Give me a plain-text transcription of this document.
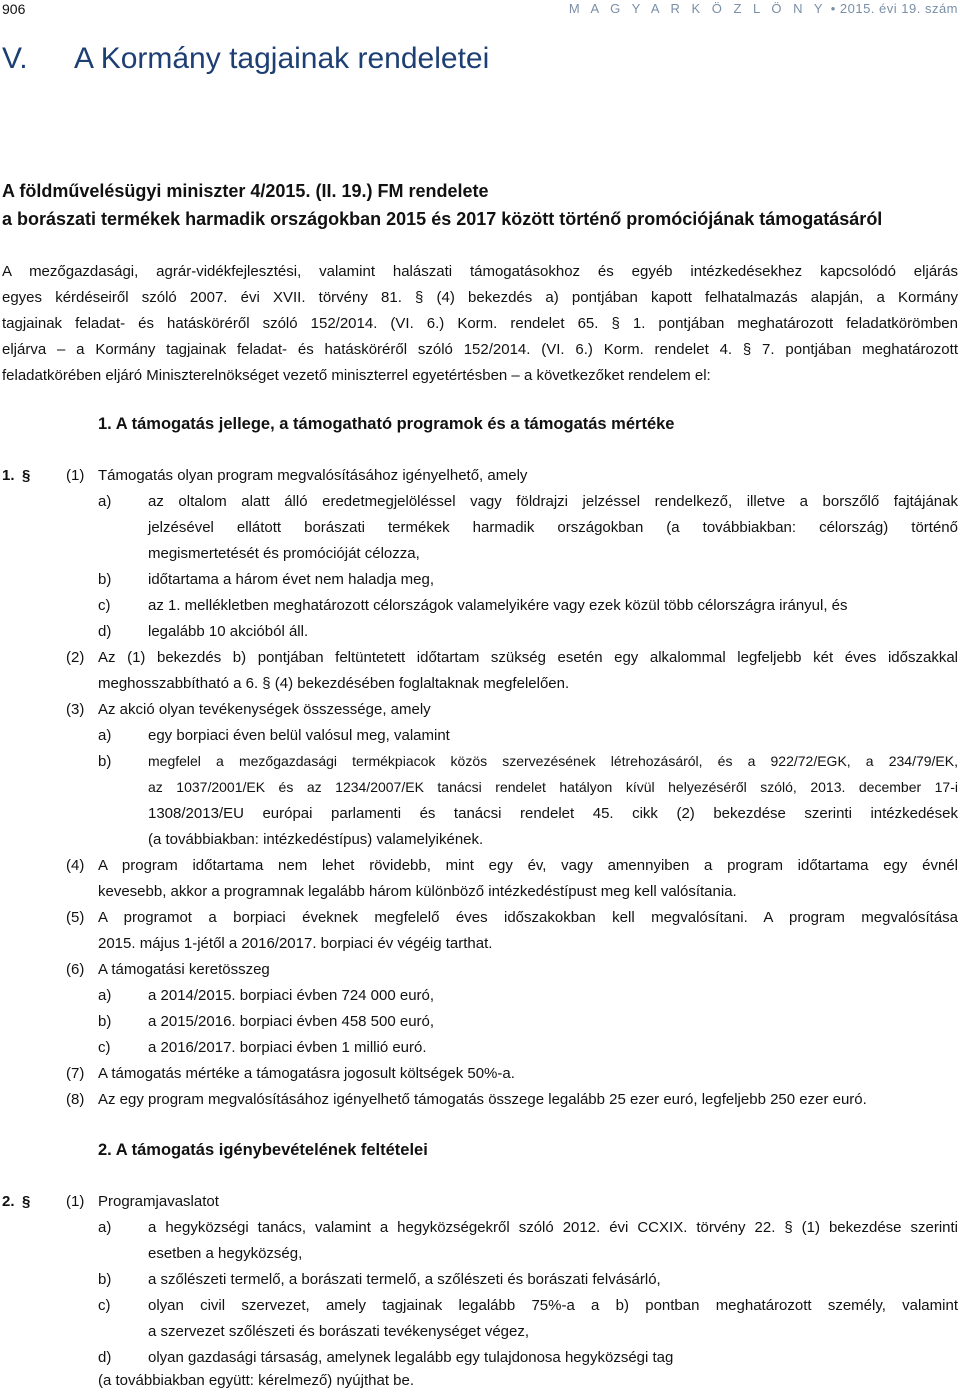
906	M A G Y A R K Ö Z L Ö N Y • 2015. évi 19. szám
V. A Kormány tagjainak rendeletei
A földművelésügyi miniszter 4/2015. (II. 19.) FM rendelete
a borászati termékek harmadik országokban 2015 és 2017 között történő promóciójának támogatásáról
A mezőgazdasági, agrár-vidékfejlesztési, valamint halászati támogatásokhoz és egyéb intézkedésekhez kapcsolódó eljárás
egyes kérdéseiről szóló 2007. évi XVII. törvény 81. § (4) bekezdés a) pontjában kapott felhatalmazás alapján, a Kormány
tagjainak feladat- és hatásköréről szóló 152/2014. (VI. 6.) Korm. rendelet 65. § 1. pontjában meghatározott feladatkörömben
eljárva – a Kormány tagjainak feladat- és hatásköréről szóló 152/2014. (VI. 6.) Korm. rendelet 4. § 7. pontjában meghatározott
feladatkörében eljáró Miniszterelnökséget vezető miniszterrel egyetértésben – a következőket rendelem el:
1. A támogatás jellege, a támogatható programok és a támogatás mértéke
1. § (1) Támogatás olyan program megvalósításához igényelhető, amely
a) az oltalom alatt álló eredetmegjelöléssel vagy földrajzi jelzéssel rendelkező, illetve a borszőlő fajtájának
jelzésével ellátott borászati termékek harmadik országokban (a továbbiakban: célország) történő
megismertetését és promócióját célozza,
b) időtartama a három évet nem haladja meg,
c)	az 1. mellékletben meghatározott célországok valamelyikére vagy ezek közül több célországra irányul, és
d) legalább 10 akcióból áll.
(2) Az (1) bekezdés b) pontjában feltüntetett időtartam szükség esetén egy alkalommal legfeljebb két éves időszakkal
meghosszabbítható a 6. § (4) bekezdésében foglaltaknak megfelelően.
(3) Az akció olyan tevékenységek összessége, amely
a) egy borpiaci éven belül valósul meg, valamint
b)	megfelel a mezőgazdasági termékpiacok közös szervezésének létrehozásáról, és a 922/72/EGK, a 234/79/EK,
az 1037/2001/EK és az 1234/2007/EK tanácsi rendelet hatályon kívül helyezéséről szóló, 2013. december 17-i
1308/2013/EU európai parlamenti és tanácsi rendelet 45. cikk (2) bekezdése szerinti intézkedések
(a továbbiakban: intézkedéstípus) valamelyikének.
(4) A program időtartama nem lehet rövidebb, mint egy év, vagy amennyiben a program időtartama egy évnél
kevesebb, akkor a programnak legalább három különböző intézkedéstípust meg kell valósítania.
(5) A programot a borpiaci éveknek megfelelő éves időszakokban kell megvalósítani. A program megvalósítása
2015. május 1-jétől a 2016/2017. borpiaci év végéig tarthat.
(6) A támogatási keretösszeg
a) a 2014/2015. borpiaci évben 724 000 euró,
b) a 2015/2016. borpiaci évben 458 500 euró,
c)	a 2016/2017. borpiaci évben 1 millió euró.
(7) A támogatás mértéke a támogatásra jogosult költségek 50%-a.
(8) Az egy program megvalósításához igényelhető támogatás összege legalább 25 ezer euró, legfeljebb 250 ezer euró.
2. A támogatás igénybevételének feltételei
2. § (1) Programjavaslatot
a) a hegyközségi tanács, valamint a hegyközségekről szóló 2012. évi CCXIX. törvény 22. § (1) bekezdése szerinti
esetben a hegyközség,
b) a szőlészeti termelő, a borászati termelő, a szőlészeti és borászati felvásárló,
c)	olyan civil szervezet, amely tagjainak legalább 75%-a a b) pontban meghatározott személy, valamint
a szervezet szőlészeti és borászati tevékenységet végez,
d) olyan gazdasági társaság, amelynek legalább egy tulajdonosa hegyközségi tag
(a továbbiakban együtt: kérelmező) nyújthat be.
